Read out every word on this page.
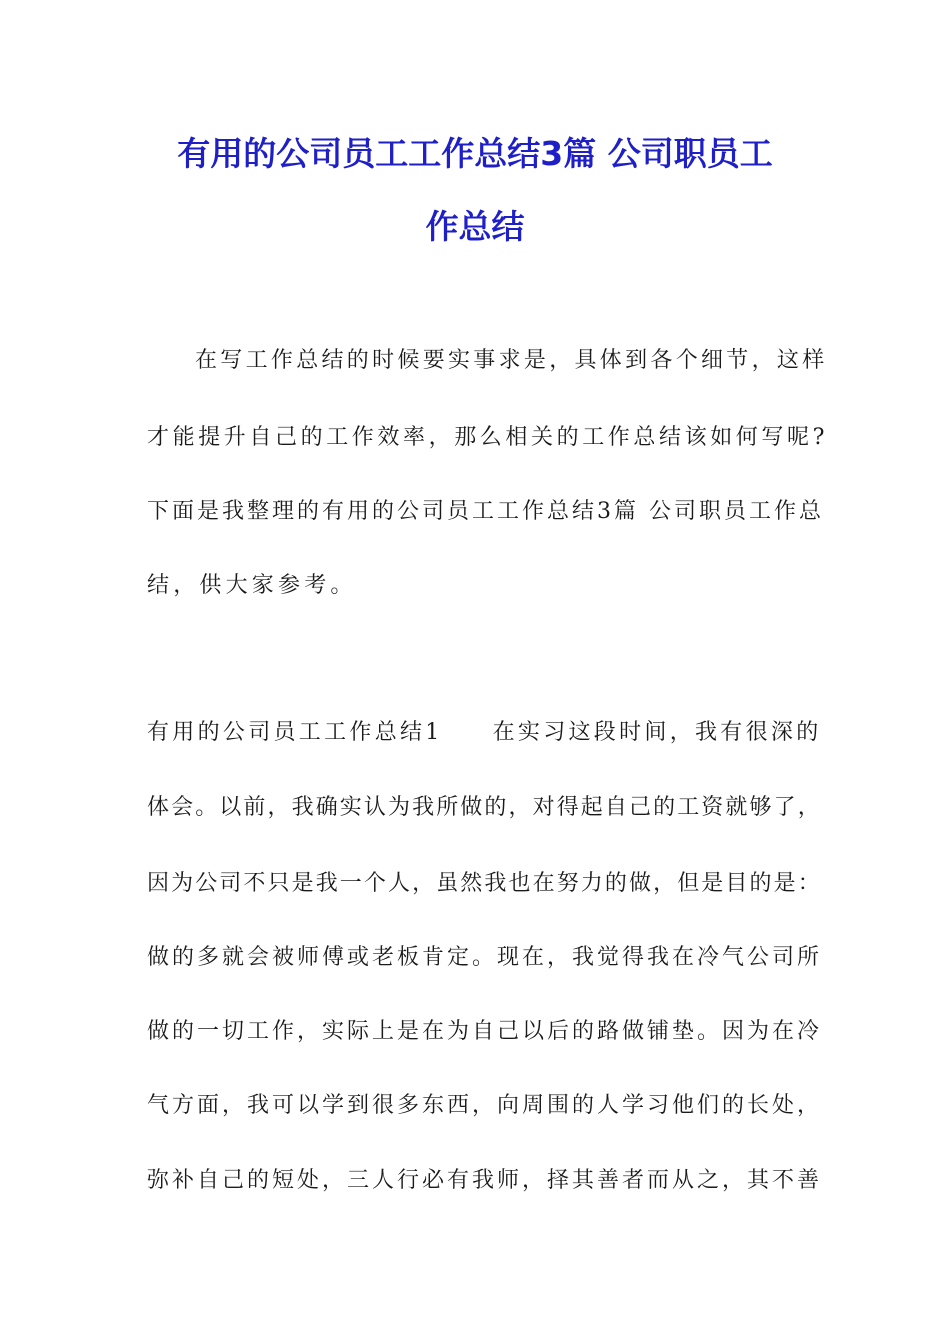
有用的公司员工工作总结3篇 公司职员工
作总结

在写工作总结的时候要实事求是，具体到各个细节，这样

才能提升自己的工作效率，那么相关的工作总结该如何写呢?

下面是我整理的有用的公司员工工作总结3篇 公司职员工作总

结，供大家参考。

有用的公司员工工作总结1 在实习这段时间，我有很深的

体会。以前，我确实认为我所做的，对得起自己的工资就够了，

因为公司不只是我一个人，虽然我也在努力的做，但是目的是：

做的多就会被师傅或老板肯定。现在，我觉得我在冷气公司所

做的一切工作，实际上是在为自己以后的路做铺垫。因为在冷

气方面，我可以学到很多东西，向周围的人学习他们的长处，

弥补自己的短处，三人行必有我师，择其善者而从之，其不善
